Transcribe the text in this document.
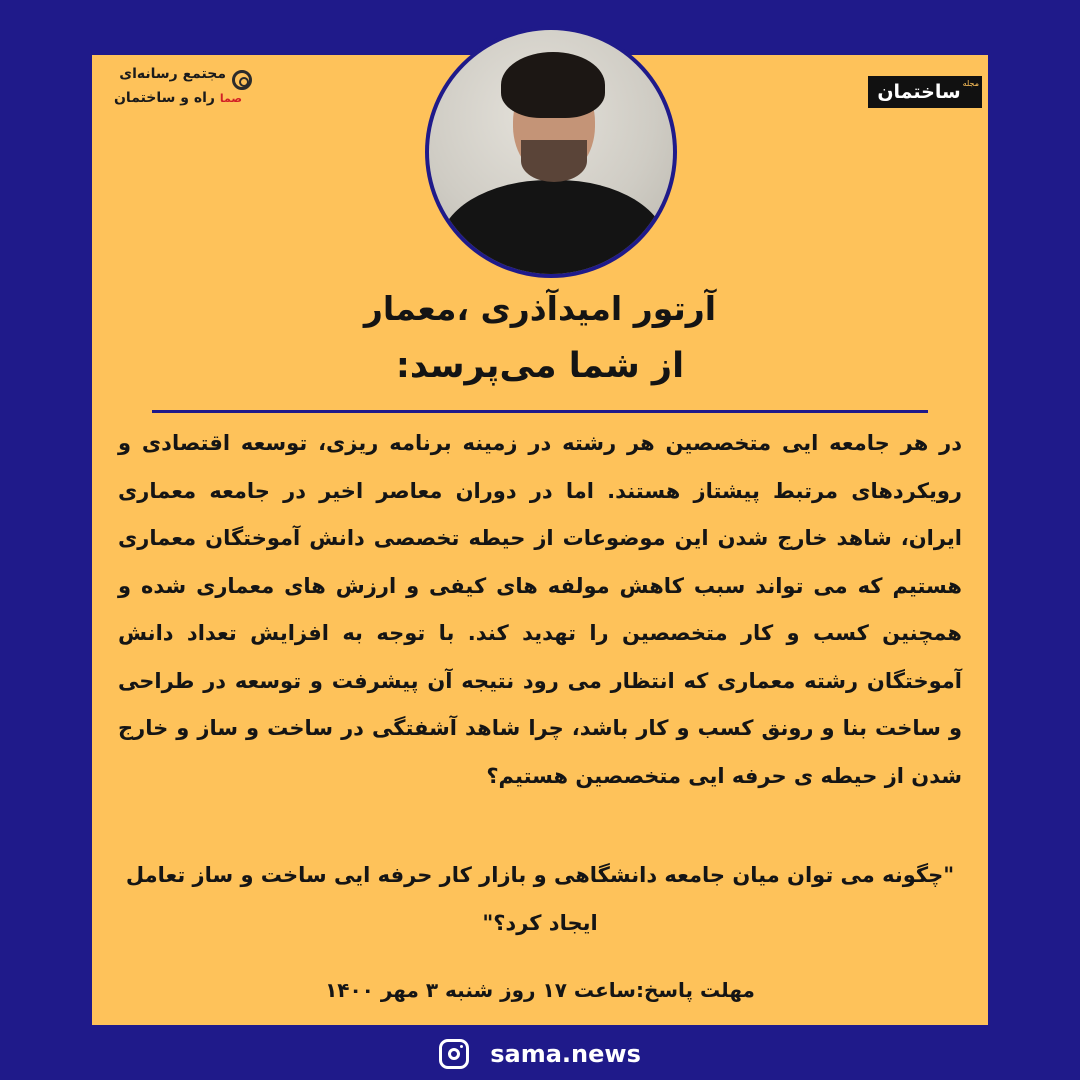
مجتمع رسانه‌ای
صما راه و ساختمان
مجله
ساختمان
آرتور امیدآذری ،معمار
از شما می‌پرسد:
در هر جامعه ایی متخصصین هر رشته در زمینه برنامه ریزی، توسعه اقتصادی و رویکردهای مرتبط پیشتاز هستند. اما در دوران معاصر اخیر در جامعه معماری ایران، شاهد خارج شدن این موضوعات از حیطه تخصصی دانش آموختگان معماری هستیم که می تواند سبب کاهش مولفه های کیفی و ارزش های معماری شده و همچنین کسب و کار متخصصین را تهدید کند. با توجه به افزایش تعداد دانش آموختگان رشته معماری که انتظار می رود نتیجه آن پیشرفت و توسعه در طراحی و ساخت بنا و رونق کسب و کار باشد، چرا شاهد آشفتگی در ساخت و ساز و خارج شدن از حیطه ی حرفه ایی متخصصین هستیم؟
"چگونه می توان میان جامعه دانشگاهی و بازار کار حرفه ایی ساخت و ساز تعامل ایجاد کرد؟"
مهلت پاسخ:ساعت ۱۷ روز شنبه ۳ مهر ۱۴۰۰
sama.news
